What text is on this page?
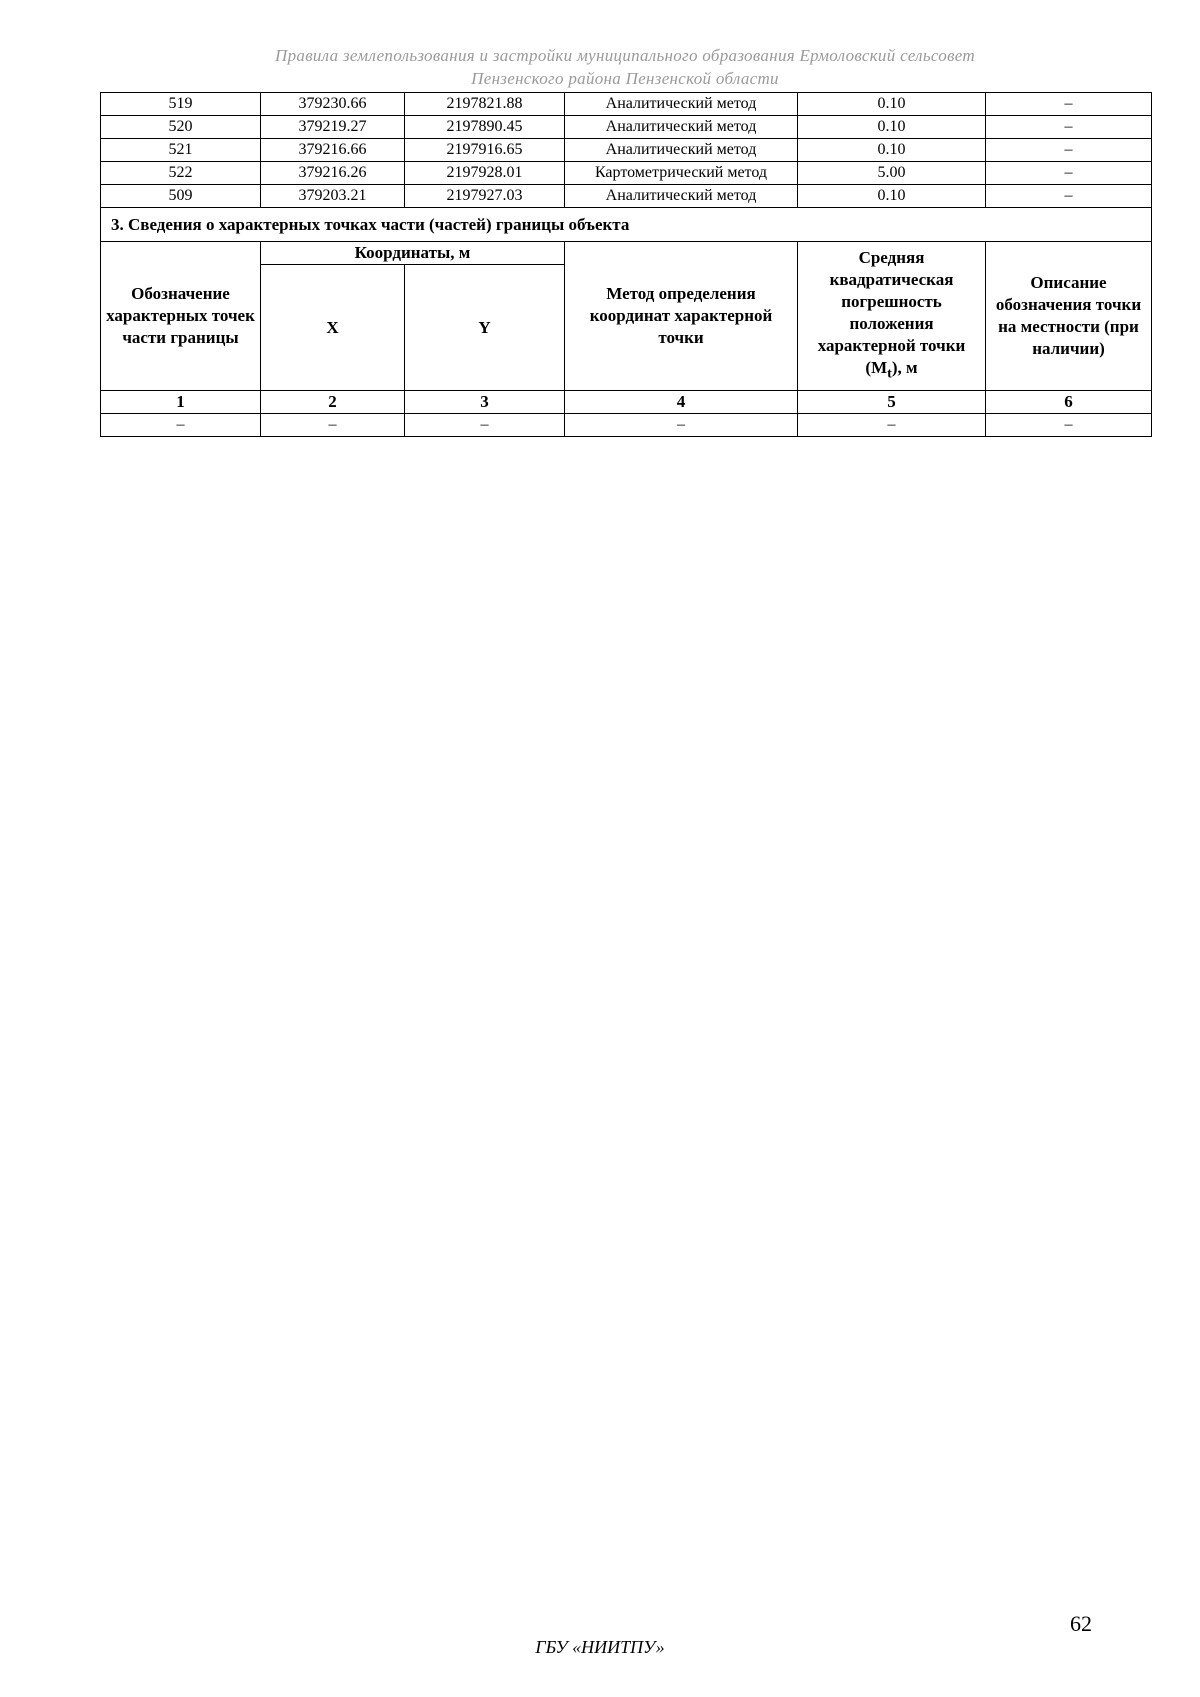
Правила землепользования и застройки муниципального образования Ермоловский сельсовет
Пензенского района Пензенской области
519	379230.66	2197821.88	Аналитический метод	0.10	–
520	379219.27	2197890.45	Аналитический метод	0.10	–
521	379216.66	2197916.65	Аналитический метод	0.10	–
522	379216.26	2197928.01	Картометрический метод	5.00	–
509	379203.21	2197927.03	Аналитический метод	0.10	–
3. Сведения о характерных точках части (частей) границы объекта					
Обозначение характерных точек части границы	Координаты, м		Метод определения координат характерной точки	Средняя квадратическая погрешность положения характерной точки $(M_t)$, м	Описание обозначения точки на местности (при наличии)
	X	Y			
1	2	3	4	5	6
–	–	–	–	–	–
62
ГБУ «НИИТПУ»
